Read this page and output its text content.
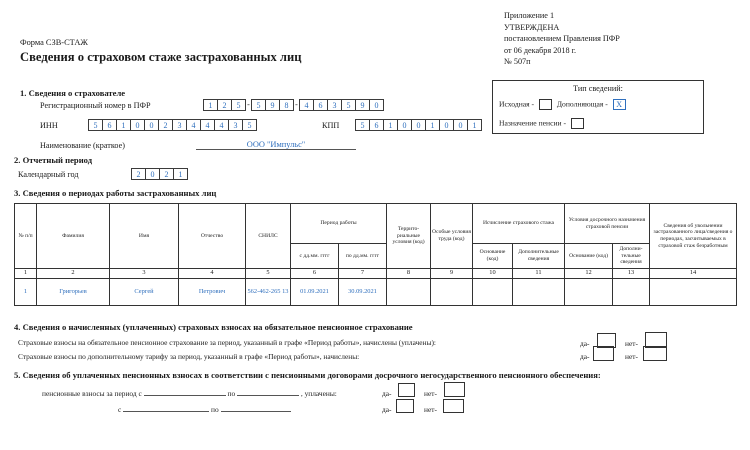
Приложение 1
УТВЕРЖДЕНА
постановлением Правления ПФР
от 06 декабря 2018 г.
№ 507п
Тип сведений:
Исходная -	Дополняющая - X
Назначение пенсии -
Форма СЗВ-СТАЖ
Сведения о страховом стаже застрахованных лиц
1. Сведения о страхователе
Регистрационный номер в ПФР	1	2	5 - 5	9	8 - 4	6	3	5	9	0
ИНН	5	6	1	0	0	2	3	4	4	4	3	5	КПП	5	6	1	0	0	1	0	0	1
Наименование (краткое)	ООО "Импульс"
2. Отчетный период
Календарный год	2	0	2	1
3. Сведения о периодах работы застрахованных лиц
№ п/п	Фамилия	Имя	Отчество	СНИЛС	Период работы		Террито-риальные условия (код)	Особые условия труда (код)	Исчисление страхового стажа		Условия досрочного назначения страховой пенсии		Сведения об увольнении застрахованного лица/сведения о периодах, засчитываемых в страховой стаж безработным
					с дд.мм. гггг	по дд.мм. гггг			Основание (код)	Дополнительные сведения	Основание (код)	Дополни-тельные сведения	
1	2	3	4	5	6	7	8	9	10	11	12	13	14
1	Григорьев	Сергей	Петрович	562-462-265 13	01.09.2021	30.09.2021							
4. Сведения о начисленных (уплаченных) страховых взносах на обязательное пенсионное страхование
Страховые взносы на обязательное пенсионное страхование за период, указанный в графе «Период работы», начислены (уплачены):
Страховые взносы по дополнительному тарифу за период, указанный в графе «Период работы», начислены:
да-	нет-
да-	нет-
5. Сведения об уплаченных пенсионных взносах в соответствии с пенсионными договорами досрочного негосударственного пенсионного обеспечения:
пенсионные взносы за период с	по	, уплачены:
с	по
да-	нет-
да-	нет-
